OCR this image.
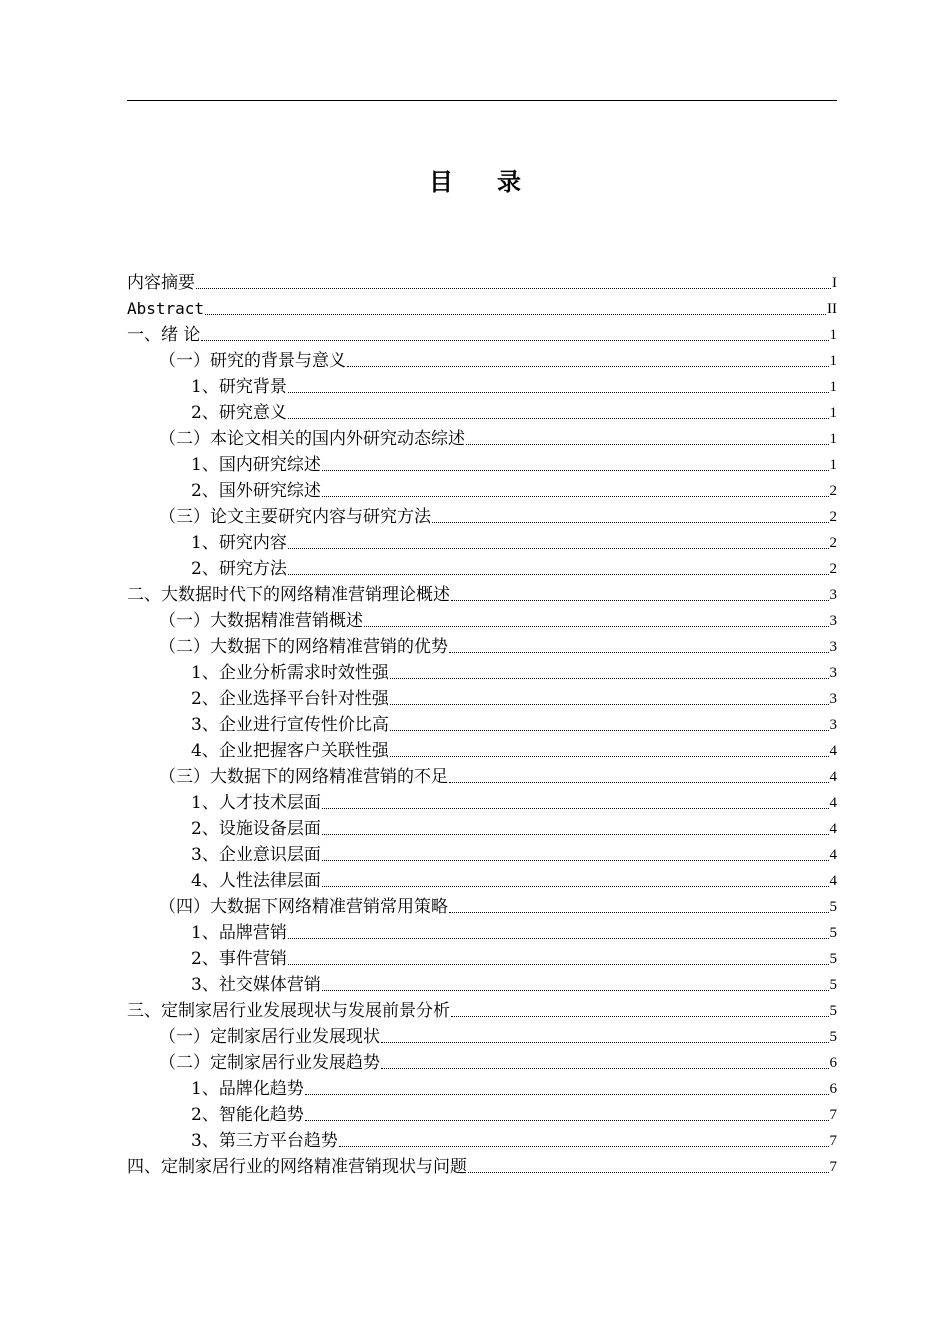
目 录
内容摘要	I
Abstract	II
一、绪 论	1
（一）研究的背景与意义	1
1、研究背景	1
2、研究意义	1
（二）本论文相关的国内外研究动态综述	1
1、国内研究综述	1
2、国外研究综述	2
（三）论文主要研究内容与研究方法	2
1、研究内容	2
2、研究方法	2
二、大数据时代下的网络精准营销理论概述	3
（一）大数据精准营销概述	3
（二）大数据下的网络精准营销的优势	3
1、企业分析需求时效性强	3
2、企业选择平台针对性强	3
3、企业进行宣传性价比高	3
4、企业把握客户关联性强	4
（三）大数据下的网络精准营销的不足	4
1、人才技术层面	4
2、设施设备层面	4
3、企业意识层面	4
4、人性法律层面	4
（四）大数据下网络精准营销常用策略	5
1、品牌营销	5
2、事件营销	5
3、社交媒体营销	5
三、定制家居行业发展现状与发展前景分析	5
（一）定制家居行业发展现状	5
（二）定制家居行业发展趋势	6
1、品牌化趋势	6
2、智能化趋势	7
3、第三方平台趋势	7
四、定制家居行业的网络精准营销现状与问题	7
